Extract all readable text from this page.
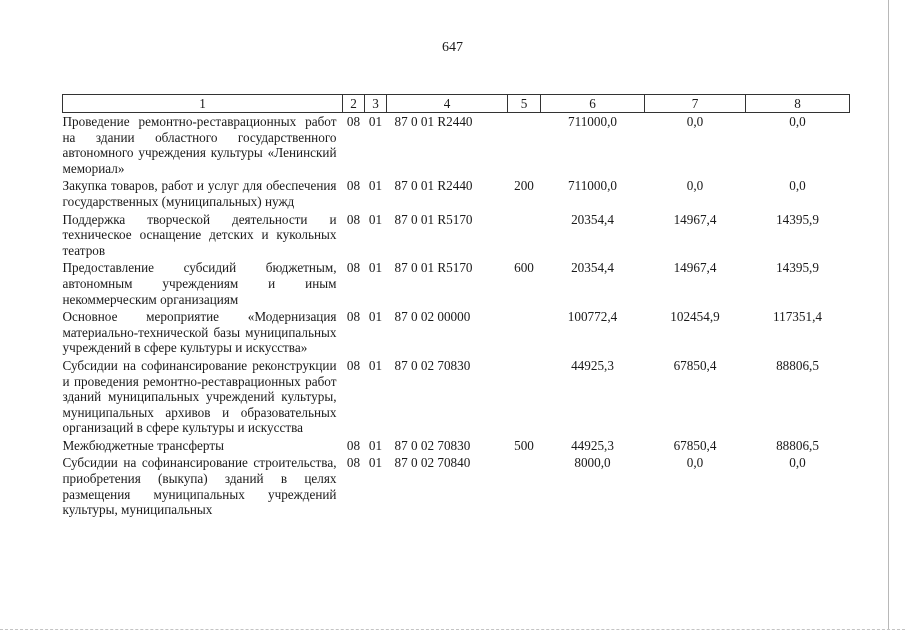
647
1	2	3	4	5	6	7	8
Проведение ремонтно-реставрационных работ на здании областного государственного автономного учреждения культуры «Ленинский мемориал»	08	01	87 0 01 R2440		711000,0	0,0	0,0
Закупка товаров, работ и услуг для обеспечения государственных (муниципальных) нужд	08	01	87 0 01 R2440	200	711000,0	0,0	0,0
Поддержка творческой деятельности и техническое оснащение детских и кукольных театров	08	01	87 0 01 R5170		20354,4	14967,4	14395,9
Предоставление субсидий бюджетным, автономным учреждениям и иным некоммерческим организациям	08	01	87 0 01 R5170	600	20354,4	14967,4	14395,9
Основное мероприятие «Модернизация материально-технической базы муниципальных учреждений в сфере культуры и искусства»	08	01	87 0 02 00000		100772,4	102454,9	117351,4
Субсидии на софинансирование реконструкции и проведения ремонтно-реставрационных работ зданий муниципальных учреждений культуры, муниципальных архивов и образовательных организаций в сфере культуры и искусства	08	01	87 0 02 70830		44925,3	67850,4	88806,5
Межбюджетные трансферты	08	01	87 0 02 70830	500	44925,3	67850,4	88806,5
Субсидии на софинансирование строительства, приобретения (выкупа) зданий в целях размещения муниципальных учреждений культуры, муниципальных	08	01	87 0 02 70840		8000,0	0,0	0,0
